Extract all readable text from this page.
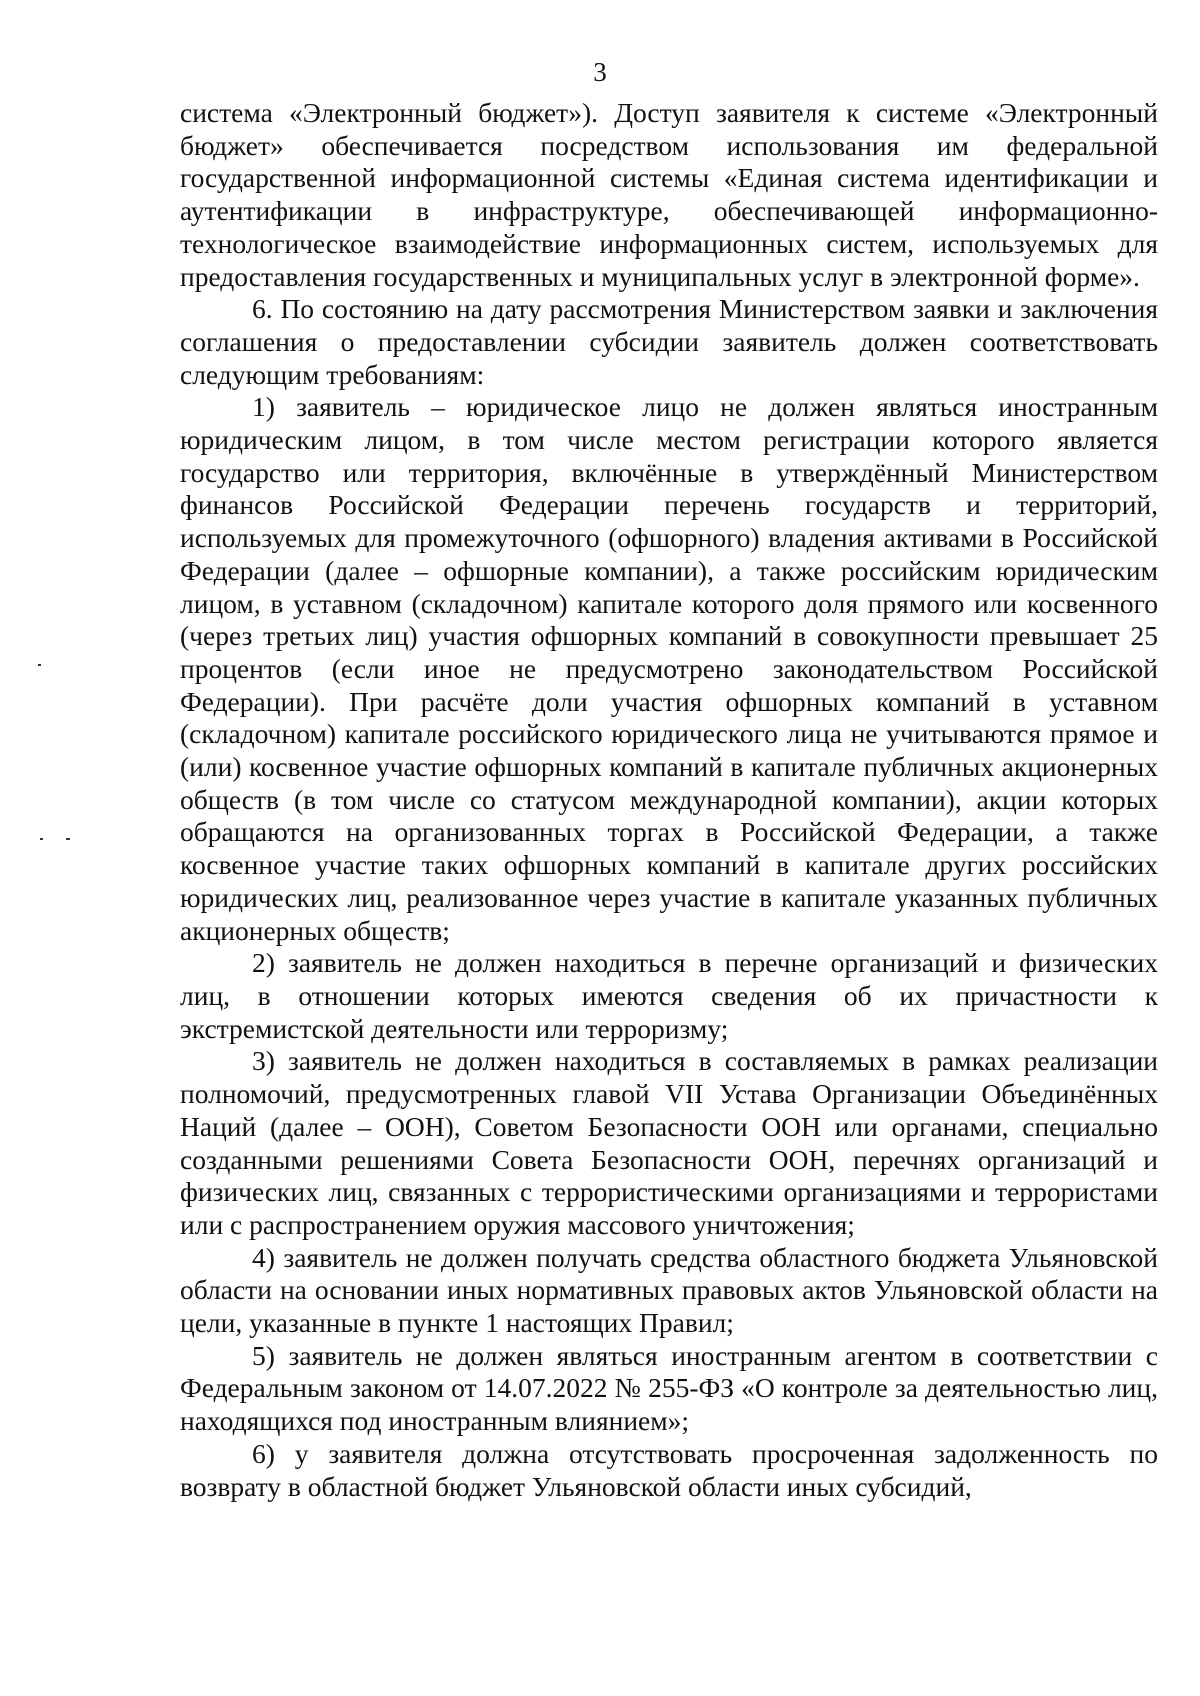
3

система «Электронный бюджет»). Доступ заявителя к системе «Электронный бюджет» обеспечивается посредством использования им федеральной государственной информационной системы «Единая система идентификации и аутентификации в инфраструктуре, обеспечивающей информационно-технологическое взаимодействие информационных систем, используемых для предоставления государственных и муниципальных услуг в электронной форме».

6. По состоянию на дату рассмотрения Министерством заявки и заключения соглашения о предоставлении субсидии заявитель должен соответствовать следующим требованиям:

1) заявитель – юридическое лицо не должен являться иностранным юридическим лицом, в том числе местом регистрации которого является государство или территория, включённые в утверждённый Министерством финансов Российской Федерации перечень государств и территорий, используемых для промежуточного (офшорного) владения активами в Российской Федерации (далее – офшорные компании), а также российским юридическим лицом, в уставном (складочном) капитале которого доля прямого или косвенного (через третьих лиц) участия офшорных компаний в совокупности превышает 25 процентов (если иное не предусмотрено законодательством Российской Федерации). При расчёте доли участия офшорных компаний в уставном (складочном) капитале российского юридического лица не учитываются прямое и (или) косвенное участие офшорных компаний в капитале публичных акционерных обществ (в том числе со статусом международной компании), акции которых обращаются на организованных торгах в Российской Федерации, а также косвенное участие таких офшорных компаний в капитале других российских юридических лиц, реализованное через участие в капитале указанных публичных акционерных обществ;

2) заявитель не должен находиться в перечне организаций и физических лиц, в отношении которых имеются сведения об их причастности к экстремистской деятельности или терроризму;

3) заявитель не должен находиться в составляемых в рамках реализации полномочий, предусмотренных главой VII Устава Организации Объединённых Наций (далее – ООН), Советом Безопасности ООН или органами, специально созданными решениями Совета Безопасности ООН, перечнях организаций и физических лиц, связанных с террористическими организациями и террористами или с распространением оружия массового уничтожения;

4) заявитель не должен получать средства областного бюджета Ульяновской области на основании иных нормативных правовых актов Ульяновской области на цели, указанные в пункте 1 настоящих Правил;

5) заявитель не должен являться иностранным агентом в соответствии с Федеральным законом от 14.07.2022 № 255-ФЗ «О контроле за деятельностью лиц, находящихся под иностранным влиянием»;

6) у заявителя должна отсутствовать просроченная задолженность по возврату в областной бюджет Ульяновской области иных субсидий,
